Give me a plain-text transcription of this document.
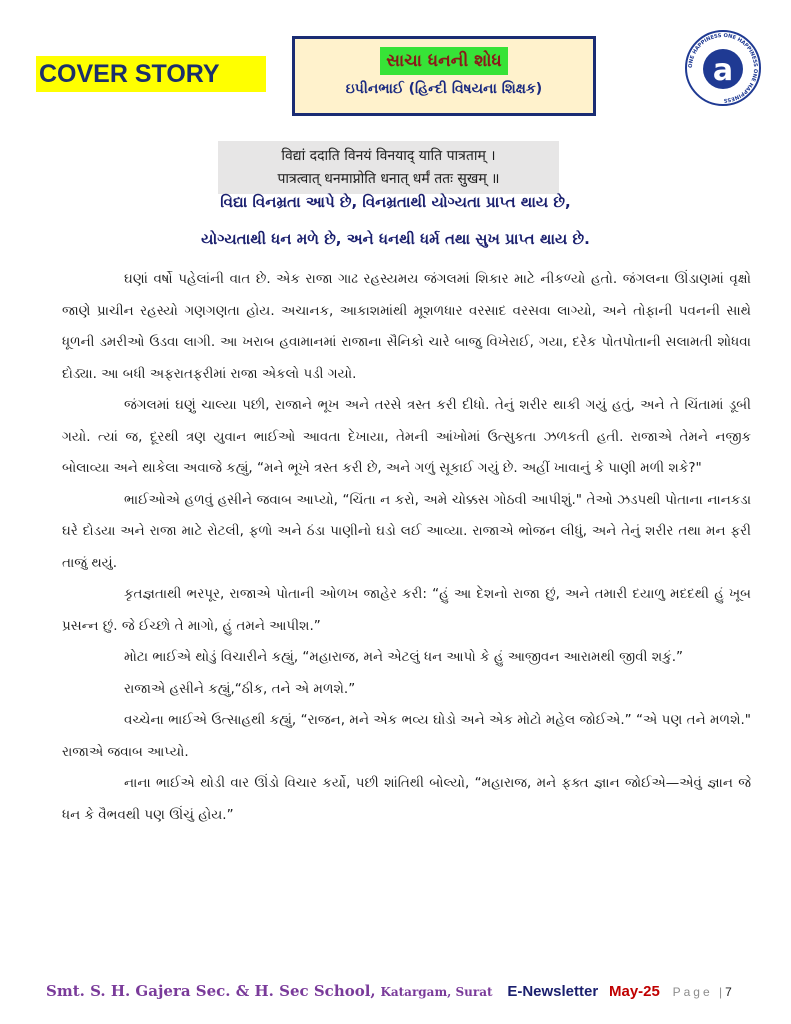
COVER STORY	સાચા ધનની શોધ
ઇપીનભાઈ (હિન્દી વિષયના શિક્ષક)
ONE HAPPINESS ONE HAPPINESS ONE HAPPINESS
a
विद्यां ददाति विनयं विनयाद् याति पात्रताम् ।
पात्रत्वात् धनमाप्नोति धनात् धर्मं ततः सुखम् ॥
વિદ્યા વિનમ્રતા આપે છે, વિનમ્રતાથી યોગ્યતા પ્રાપ્ત થાય છે,
યોગ્યતાથી ધન મળે છે, અને ધનથી ધર્મ તથા સુખ પ્રાપ્ત થાય છે.

ઘણાં વર્ષો પહેલાંની વાત છે. એક રાજા ગાઢ રહસ્યમય જંગલમાં શિકાર માટે નીકળ્યો હતો. જંગલના ઊંડાણમાં વૃક્ષો જાણે પ્રાચીન રહસ્યો ગણગણતા હોય. અચાનક, આકાશમાંથી મૂશળધાર વરસાદ વરસવા લાગ્યો, અને તોફાની પવનની સાથે ધૂળની ડમરીઓ ઉડવા લાગી. આ ખરાબ હવામાનમાં રાજાના સૈનિકો ચારે બાજુ વિખેરાઈ, ગયા, દરેક પોતપોતાની સલામતી શોધવા દોડ્યા. આ બધી અફરાતફરીમાં રાજા એકલો પડી ગયો.

જંગલમાં ઘણું ચાલ્યા પછી, રાજાને ભૂખ અને તરસે ત્રસ્ત કરી દીધો. તેનું શરીર થાકી ગયું હતું, અને તે ચિંતામાં ડૂબી ગયો. ત્યાં જ, દૂરથી ત્રણ યુવાન ભાઈઓ આવતા દેખાયા, તેમની આંખોમાં ઉત્સુકતા ઝળકતી હતી. રાજાએ તેમને નજીક બોલાવ્યા અને થાકેલા અવાજે કહ્યું, “મને ભૂખે ત્રસ્ત કરી છે, અને ગળું સૂકાઈ ગયું છે. અહીં ખાવાનું કે પાણી મળી શકે?"

ભાઈઓએ હળવું હસીને જવાબ આપ્યો, “ચિંતા ન કરો, અમે ચોક્કસ ગોઠવી આપીશું." તેઓ ઝડપથી પોતાના નાનકડા ઘરે દોડયા અને રાજા માટે રોટલી, ફળો અને ઠંડા પાણીનો ઘડો લઈ આવ્યા. રાજાએ ભોજન લીધું, અને તેનું શરીર તથા મન ફરી તાજું થયું.

કૃતજ્ઞતાથી ભરપૂર, રાજાએ પોતાની ઓળખ જાહેર કરી: “હું આ દેશનો રાજા છું, અને તમારી દયાળુ મદદથી હું ખૂબ પ્રસન્ન છું. જે ઈચ્છો તે માગો, હું તમને આપીશ.”

મોટા ભાઈએ થોડું વિચારીને કહ્યું, “મહારાજ, મને એટલું ધન આપો કે હું આજીવન આરામથી જીવી શકું.”

રાજાએ હસીને કહ્યું,“ઠીક, તને એ મળશે.”

વચ્ચેના ભાઈએ ઉત્સાહથી કહ્યું, “રાજન, મને એક ભવ્ય ઘોડો અને એક મોટો મહેલ જોઈએ.” “એ પણ તને મળશે." રાજાએ જવાબ આપ્યો.

નાના ભાઈએ થોડી વાર ઊંડો વિચાર કર્યો, પછી શાંતિથી બોલ્યો, “મહારાજ, મને ફક્ત જ્ઞાન જોઈએ—એવું જ્ઞાન જે ધન કે વૈભવથી પણ ઊંચું હોય.”

Smt. S. H. Gajera Sec. & H. Sec School, Katargam, Surat E-Newsletter May-25 Page |7
